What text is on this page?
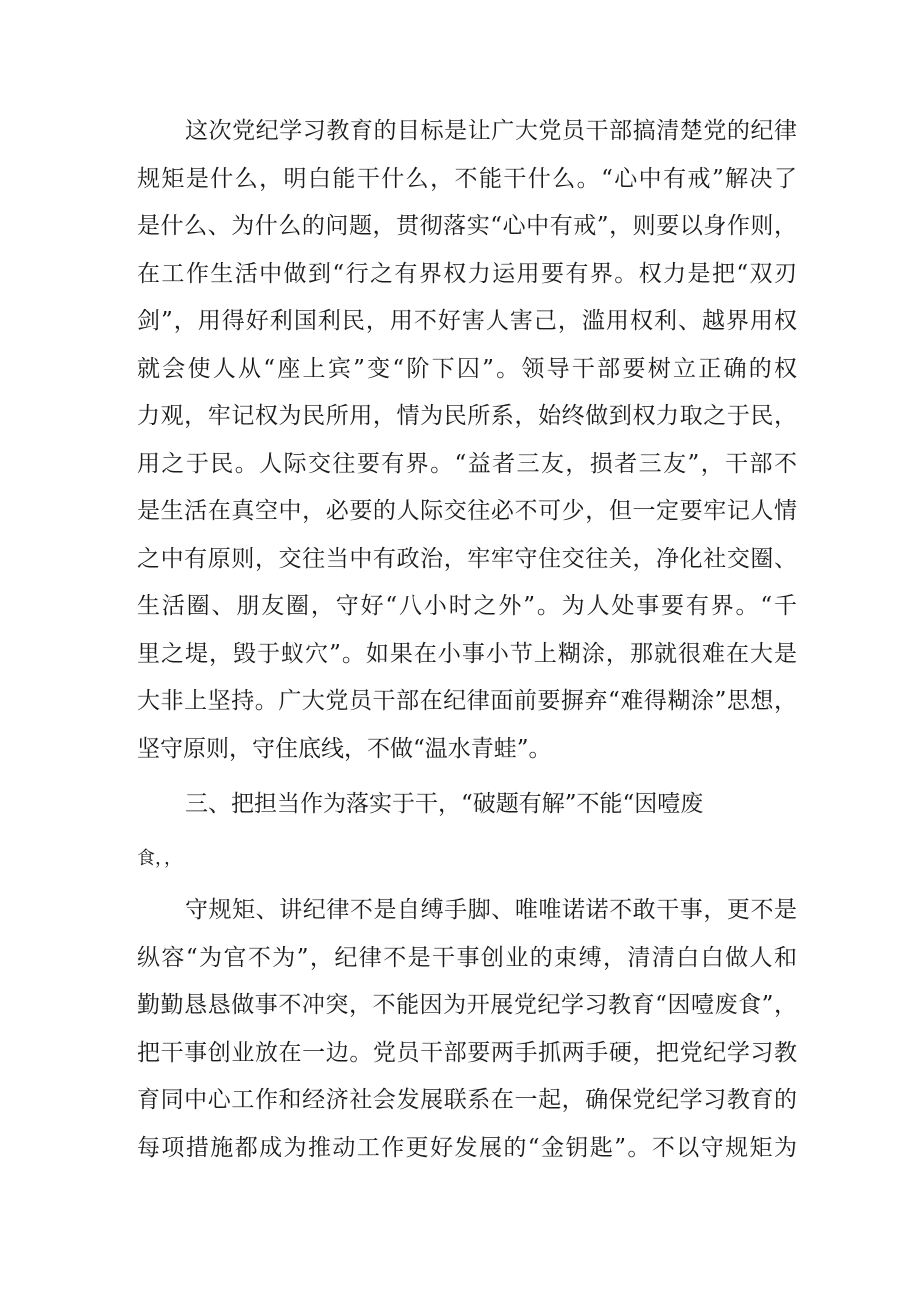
这次党纪学习教育的目标是让广大党员干部搞清楚党的纪律
规矩是什么，明白能干什么，不能干什么。“心中有戒”解决了
是什么、为什么的问题，贯彻落实“心中有戒”，则要以身作则，
在工作生活中做到“行之有界权力运用要有界。权力是把“双刃
剑”，用得好利国利民，用不好害人害己，滥用权利、越界用权
就会使人从“座上宾”变“阶下囚”。领导干部要树立正确的权
力观，牢记权为民所用，情为民所系，始终做到权力取之于民，
用之于民。人际交往要有界。“益者三友，损者三友”，干部不
是生活在真空中，必要的人际交往必不可少，但一定要牢记人情
之中有原则，交往当中有政治，牢牢守住交往关，净化社交圈、
生活圈、朋友圈，守好“八小时之外”。为人处事要有界。“千
里之堤，毁于蚁穴”。如果在小事小节上糊涂，那就很难在大是
大非上坚持。广大党员干部在纪律面前要摒弃“难得糊涂”思想，
坚守原则，守住底线，不做“温水青蛙”。
三、把担当作为落实于干，“破题有解”不能“因噎废
食，，
守规矩、讲纪律不是自缚手脚、唯唯诺诺不敢干事，更不是
纵容“为官不为”，纪律不是干事创业的束缚，清清白白做人和
勤勤恳恳做事不冲突，不能因为开展党纪学习教育“因噎废食”，
把干事创业放在一边。党员干部要两手抓两手硬，把党纪学习教
育同中心工作和经济社会发展联系在一起，确保党纪学习教育的
每项措施都成为推动工作更好发展的“金钥匙”。不以守规矩为
